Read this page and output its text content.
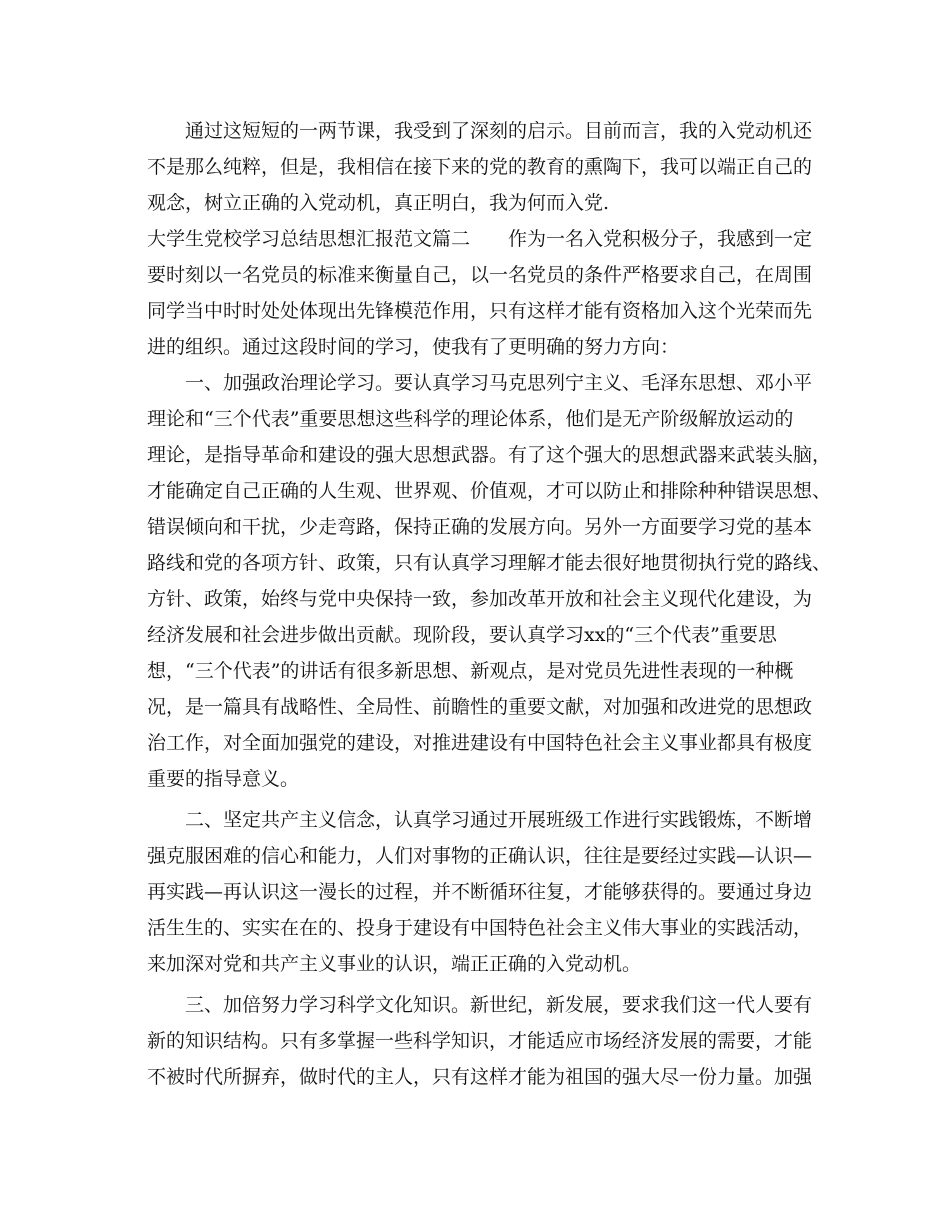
　　通过这短短的一两节课，我受到了深刻的启示。目前而言，我的入党动机还
不是那么纯粹，但是，我相信在接下来的党的教育的熏陶下，我可以端正自己的
观念，树立正确的入党动机，真正明白，我为何而入党.
大学生党校学习总结思想汇报范文篇二　　作为一名入党积极分子，我感到一定
要时刻以一名党员的标准来衡量自己，以一名党员的条件严格要求自己，在周围
同学当中时时处处体现出先锋模范作用，只有这样才能有资格加入这个光荣而先
进的组织。通过这段时间的学习，使我有了更明确的努力方向：
　　一、加强政治理论学习。要认真学习马克思列宁主义、毛泽东思想、邓小平
理论和“三个代表”重要思想这些科学的理论体系，他们是无产阶级解放运动的
理论，是指导革命和建设的强大思想武器。有了这个强大的思想武器来武装头脑，
才能确定自己正确的人生观、世界观、价值观，才可以防止和排除种种错误思想、
错误倾向和干扰，少走弯路，保持正确的发展方向。另外一方面要学习党的基本
路线和党的各项方针、政策，只有认真学习理解才能去很好地贯彻执行党的路线、
方针、政策，始终与党中央保持一致，参加改革开放和社会主义现代化建设，为
经济发展和社会进步做出贡献。现阶段，要认真学习xx的“三个代表”重要思
想，“三个代表”的讲话有很多新思想、新观点，是对党员先进性表现的一种概
况，是一篇具有战略性、全局性、前瞻性的重要文献，对加强和改进党的思想政
治工作，对全面加强党的建设，对推进建设有中国特色社会主义事业都具有极度
重要的指导意义。
　　二、坚定共产主义信念，认真学习通过开展班级工作进行实践锻炼，不断增
强克服困难的信心和能力，人们对事物的正确认识，往往是要经过实践—认识—
再实践—再认识这一漫长的过程，并不断循环往复，才能够获得的。要通过身边
活生生的、实实在在的、投身于建设有中国特色社会主义伟大事业的实践活动，
来加深对党和共产主义事业的认识，端正正确的入党动机。
　　三、加倍努力学习科学文化知识。新世纪，新发展，要求我们这一代人要有
新的知识结构。只有多掌握一些科学知识，才能适应市场经济发展的需要，才能
不被时代所摒弃，做时代的主人，只有这样才能为祖国的强大尽一份力量。加强
